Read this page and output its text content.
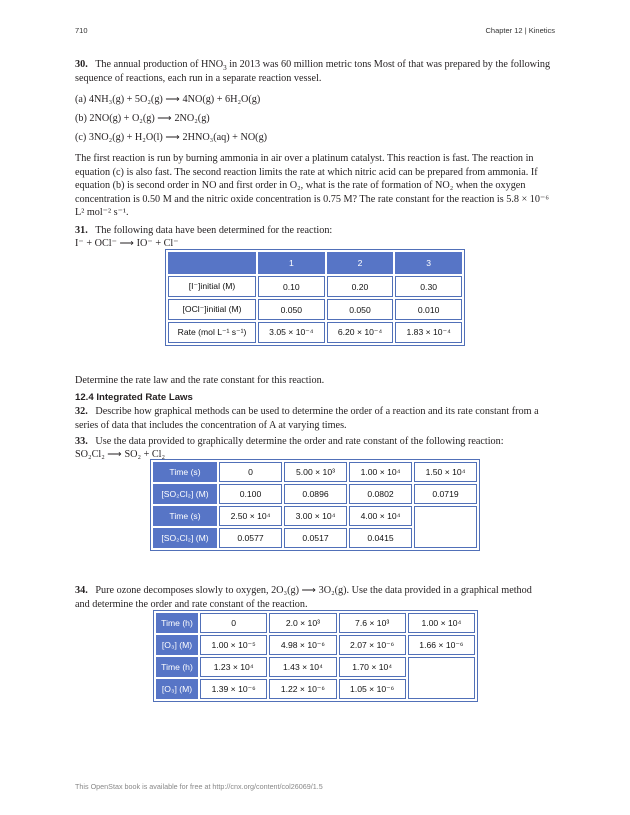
710	Chapter 12 | Kinetics

30. The annual production of $HNO_3$ in 2013 was 60 million metric tons Most of that was prepared by the following sequence of reactions, each run in a separate reaction vessel.

(a) 4NH₃(g) + 5O₂(g) ⟶ 4NO(g) + 6H₂O(g)
(b) 2NO(g) + O₂(g) ⟶ 2NO₂(g)
(c) 3NO₂(g) + H₂O(l) ⟶ 2HNO₃(aq) + NO(g)

The first reaction is run by burning ammonia in air over a platinum catalyst. This reaction is fast. The reaction in equation (c) is also fast. The second reaction limits the rate at which nitric acid can be prepared from ammonia. If equation (b) is second order in NO and first order in O₂, what is the rate of formation of NO₂ when the oxygen concentration is 0.50 M and the nitric oxide concentration is 0.75 M? The rate constant for the reaction is 5.8 × 10⁻⁶ L² mol⁻² s⁻¹.

31. The following data have been determined for the reaction:
I⁻ + OCl⁻ ⟶ IO⁻ + Cl⁻
	1	2	3
[I⁻]initial (M)	0.10	0.20	0.30
[OCl⁻]initial (M)	0.050	0.050	0.010
Rate (mol L⁻¹ s⁻¹)	3.05 × 10⁻⁴	6.20 × 10⁻⁴	1.83 × 10⁻⁴
Determine the rate law and the rate constant for this reaction.
12.4 Integrated Rate Laws

32. Describe how graphical methods can be used to determine the order of a reaction and its rate constant from a series of data that includes the concentration of A at varying times.

33. Use the data provided to graphically determine the order and rate constant of the following reaction:
SO₂Cl₂ ⟶ SO₂ + Cl₂
Time (s)	0	5.00 × 10³	1.00 × 10⁴	1.50 × 10⁴
[SO₂Cl₂] (M)	0.100	0.0896	0.0802	0.0719
Time (s)	2.50 × 10⁴	3.00 × 10⁴	4.00 × 10⁴	
[SO₂Cl₂] (M)	0.0577	0.0517	0.0415	
34. Pure ozone decomposes slowly to oxygen, 2O₃(g) ⟶ 3O₂(g). Use the data provided in a graphical method
and determine the order and rate constant of the reaction.
Time (h)	0	2.0 × 10³	7.6 × 10³	1.00 × 10⁴
[O₃] (M)	1.00 × 10⁻⁵	4.98 × 10⁻⁶	2.07 × 10⁻⁶	1.66 × 10⁻⁶
Time (h)	1.23 × 10⁴	1.43 × 10⁴	1.70 × 10⁴	
[O₃] (M)	1.39 × 10⁻⁶	1.22 × 10⁻⁶	1.05 × 10⁻⁶	
This OpenStax book is available for free at http://cnx.org/content/col26069/1.5
